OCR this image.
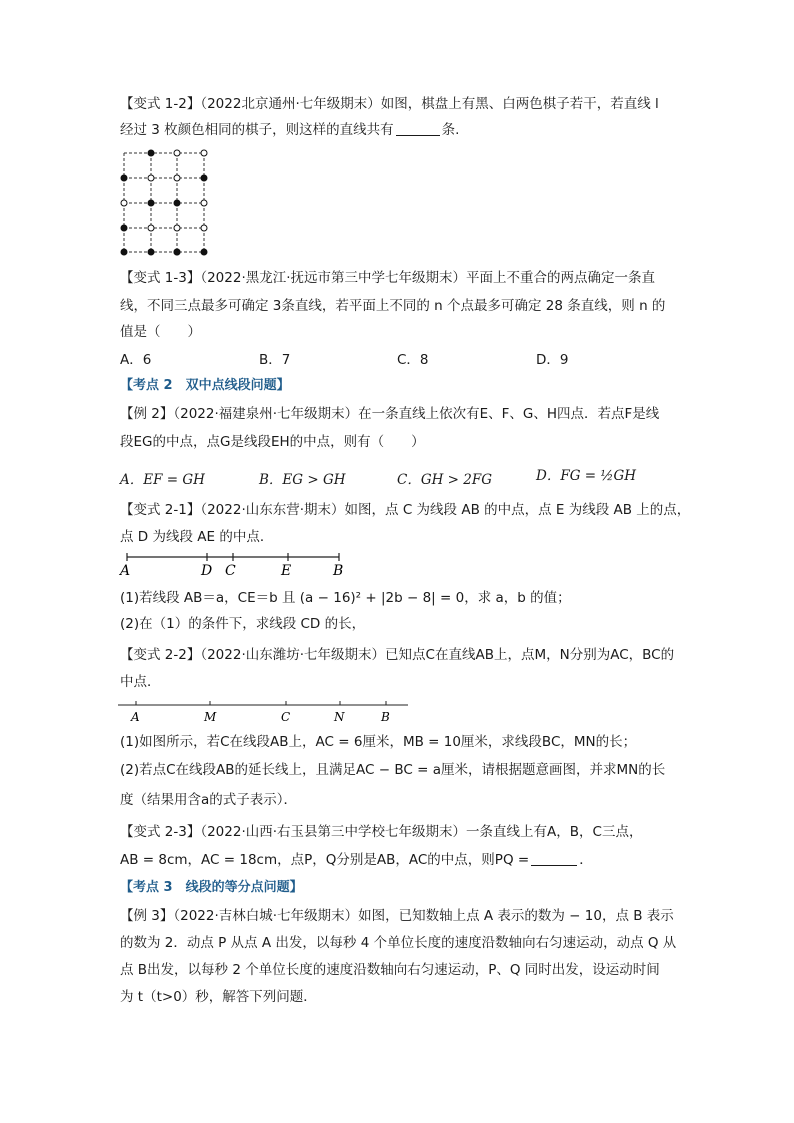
【变式 1-2】（2022北京通州·七年级期末）如图，棋盘上有黑、白两色棋子若干，若直线 l
经过 3 枚颜色相同的棋子，则这样的直线共有	条.
【变式 1-3】（2022·黑龙江·抚远市第三中学七年级期末）平面上不重合的两点确定一条直
线，不同三点最多可确定 3条直线，若平面上不同的 n 个点最多可确定 28 条直线，则 n 的
值是（　　）
A．6	B．7	C．8	D．9
【考点 2　双中点线段问题】
【例 2】（2022·福建泉州·七年级期末）在一条直线上依次有E、F、G、H四点．若点F是线
段EG的中点，点G是线段EH的中点，则有（　　）
A．EF = GH	B．EG > GH	C．GH > 2FG	D．FG = ½GH
【变式 2-1】（2022·山东东营·期末）如图，点 C 为线段 AB 的中点，点 E 为线段 AB 上的点，
点 D 为线段 AE 的中点．
A	D C	E	B
(1)若线段 AB＝a，CE＝b 且 (a − 16)² + |2b − 8| = 0，求 a，b 的值；
(2)在（1）的条件下，求线段 CD 的长，
【变式 2-2】（2022·山东潍坊·七年级期末）已知点C在直线AB上，点M，N分别为AC，BC的
中点．
A	M	C	N	B
(1)如图所示，若C在线段AB上，AC = 6厘米，MB = 10厘米，求线段BC，MN的长；
(2)若点C在线段AB的延长线上，且满足AC − BC = a厘米，请根据题意画图，并求MN的长
度（结果用含a的式子表示）．
【变式 2-3】（2022·山西·右玉县第三中学校七年级期末）一条直线上有A，B，C三点，
AB = 8cm，AC = 18cm，点P，Q分别是AB，AC的中点，则PQ =	．
【考点 3　线段的等分点问题】
【例 3】（2022·吉林白城·七年级期末）如图，已知数轴上点 A 表示的数为 − 10，点 B 表示
的数为 2．动点 P 从点 A 出发，以每秒 4 个单位长度的速度沿数轴向右匀速运动，动点 Q 从
点 B出发，以每秒 2 个单位长度的速度沿数轴向右匀速运动，P、Q 同时出发，设运动时间
为 t（t>0）秒，解答下列问题．
